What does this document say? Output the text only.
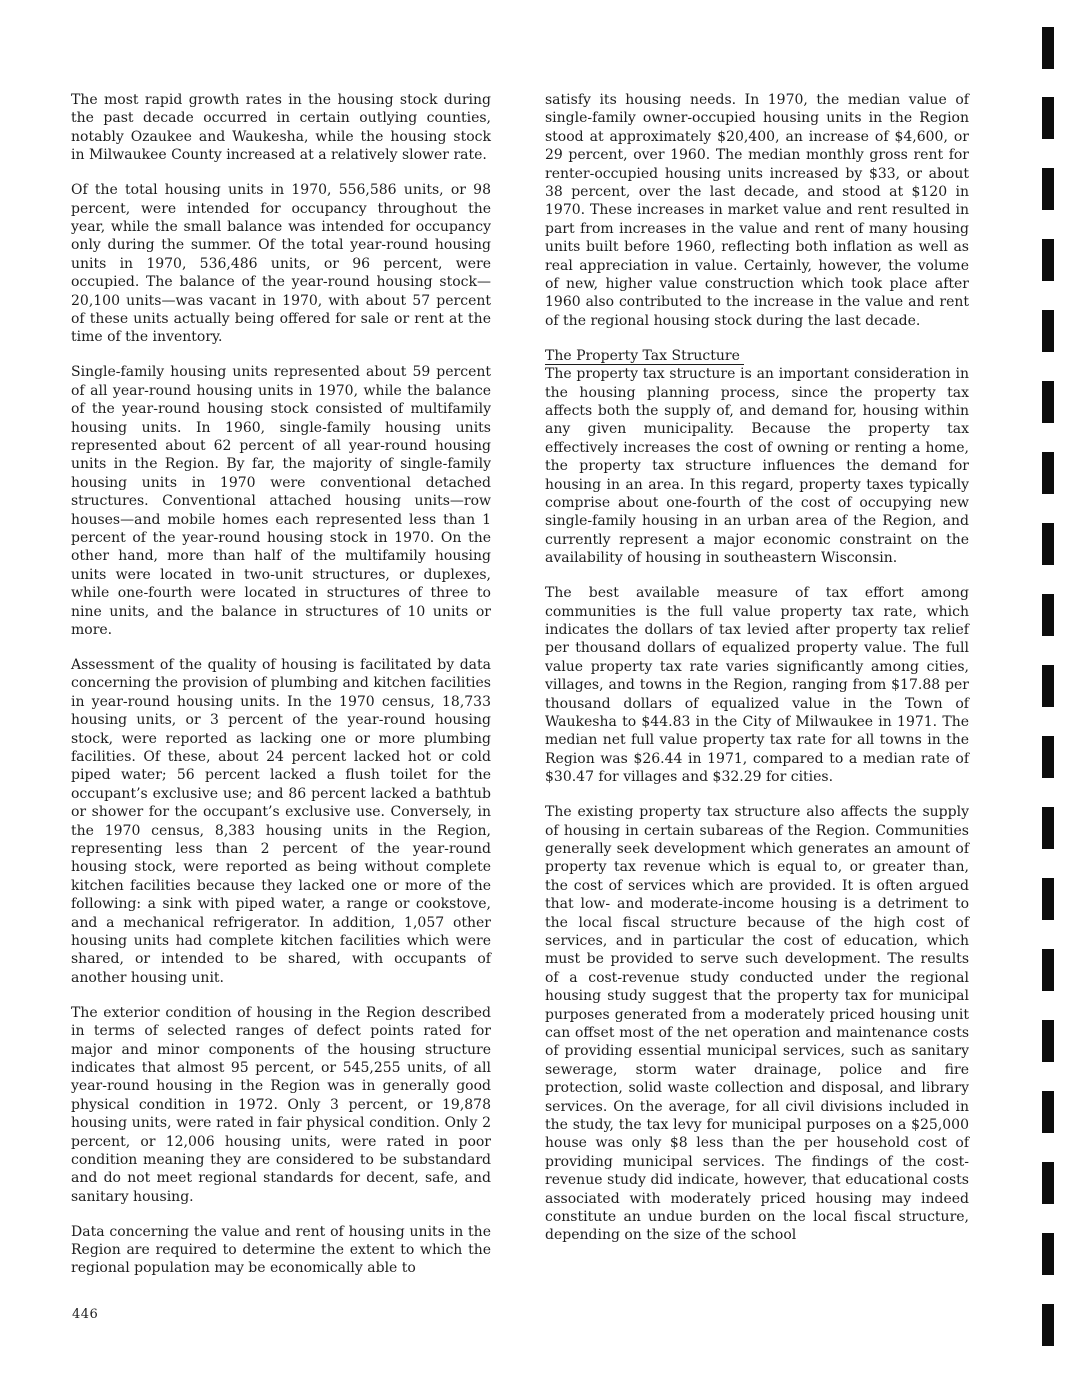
The most rapid growth rates in the housing stock during the past decade occurred in certain outlying counties, notably Ozaukee and Waukesha, while the housing stock in Milwaukee County increased at a relatively slower rate.

Of the total housing units in 1970, 556,586 units, or 98 percent, were intended for occupancy throughout the year, while the small balance was intended for occupancy only during the summer. Of the total year-round housing units in 1970, 536,486 units, or 96 percent, were occupied. The balance of the year-round housing stock—20,100 units—was vacant in 1970, with about 57 percent of these units actually being offered for sale or rent at the time of the inventory.

Single-family housing units represented about 59 percent of all year-round housing units in 1970, while the balance of the year-round housing stock consisted of multifamily housing units. In 1960, single-family housing units represented about 62 percent of all year-round housing units in the Region. By far, the majority of single-family housing units in 1970 were conventional detached structures. Conventional attached housing units—row houses—and mobile homes each represented less than 1 percent of the year-round housing stock in 1970. On the other hand, more than half of the multifamily housing units were located in two-unit structures, or duplexes, while one-fourth were located in structures of three to nine units, and the balance in structures of 10 units or more.

Assessment of the quality of housing is facilitated by data concerning the provision of plumbing and kitchen facilities in year-round housing units. In the 1970 census, 18,733 housing units, or 3 percent of the year-round housing stock, were reported as lacking one or more plumbing facilities. Of these, about 24 percent lacked hot or cold piped water; 56 percent lacked a flush toilet for the occupant’s exclusive use; and 86 percent lacked a bathtub or shower for the occupant’s exclusive use. Conversely, in the 1970 census, 8,383 housing units in the Region, representing less than 2 percent of the year-round housing stock, were reported as being without complete kitchen facilities because they lacked one or more of the following: a sink with piped water, a range or cookstove, and a mechanical refrigerator. In addition, 1,057 other housing units had complete kitchen facilities which were shared, or intended to be shared, with occupants of another housing unit.

The exterior condition of housing in the Region described in terms of selected ranges of defect points rated for major and minor components of the housing structure indicates that almost 95 percent, or 545,255 units, of all year-round housing in the Region was in generally good physical condition in 1972. Only 3 percent, or 19,878 housing units, were rated in fair physical condition. Only 2 percent, or 12,006 housing units, were rated in poor condition meaning they are considered to be substandard and do not meet regional standards for decent, safe, and sanitary housing.

Data concerning the value and rent of housing units in the Region are required to determine the extent to which the regional population may be economically able to

satisfy its housing needs. In 1970, the median value of single-family owner-occupied housing units in the Region stood at approximately $20,400, an increase of $4,600, or 29 percent, over 1960. The median monthly gross rent for renter-occupied housing units increased by $33, or about 38 percent, over the last decade, and stood at $120 in 1970. These increases in market value and rent resulted in part from increases in the value and rent of many housing units built before 1960, reflecting both inflation as well as real appreciation in value. Certainly, however, the volume of new, higher value construction which took place after 1960 also contributed to the increase in the value and rent of the regional housing stock during the last decade.

The Property Tax Structure

The property tax structure is an important consideration in the housing planning process, since the property tax affects both the supply of, and demand for, housing within any given municipality. Because the property tax effectively increases the cost of owning or renting a home, the property tax structure influences the demand for housing in an area. In this regard, property taxes typically comprise about one-fourth of the cost of occupying new single-family housing in an urban area of the Region, and currently represent a major economic constraint on the availability of housing in southeastern Wisconsin.

The best available measure of tax effort among communities is the full value property tax rate, which indicates the dollars of tax levied after property tax relief per thousand dollars of equalized property value. The full value property tax rate varies significantly among cities, villages, and towns in the Region, ranging from $17.88 per thousand dollars of equalized value in the Town of Waukesha to $44.83 in the City of Milwaukee in 1971. The median net full value property tax rate for all towns in the Region was $26.44 in 1971, compared to a median rate of $30.47 for villages and $32.29 for cities.

The existing property tax structure also affects the supply of housing in certain subareas of the Region. Communities generally seek development which generates an amount of property tax revenue which is equal to, or greater than, the cost of services which are provided. It is often argued that low- and moderate-income housing is a detriment to the local fiscal structure because of the high cost of services, and in particular the cost of education, which must be provided to serve such development. The results of a cost-revenue study conducted under the regional housing study suggest that the property tax for municipal purposes generated from a moderately priced housing unit can offset most of the net operation and maintenance costs of providing essential municipal services, such as sanitary sewerage, storm water drainage, police and fire protection, solid waste collection and disposal, and library services. On the average, for all civil divisions included in the study, the tax levy for municipal purposes on a $25,000 house was only $8 less than the per household cost of providing municipal services. The findings of the cost-revenue study did indicate, however, that educational costs associated with moderately priced housing may indeed constitute an undue burden on the local fiscal structure, depending on the size of the school

446
